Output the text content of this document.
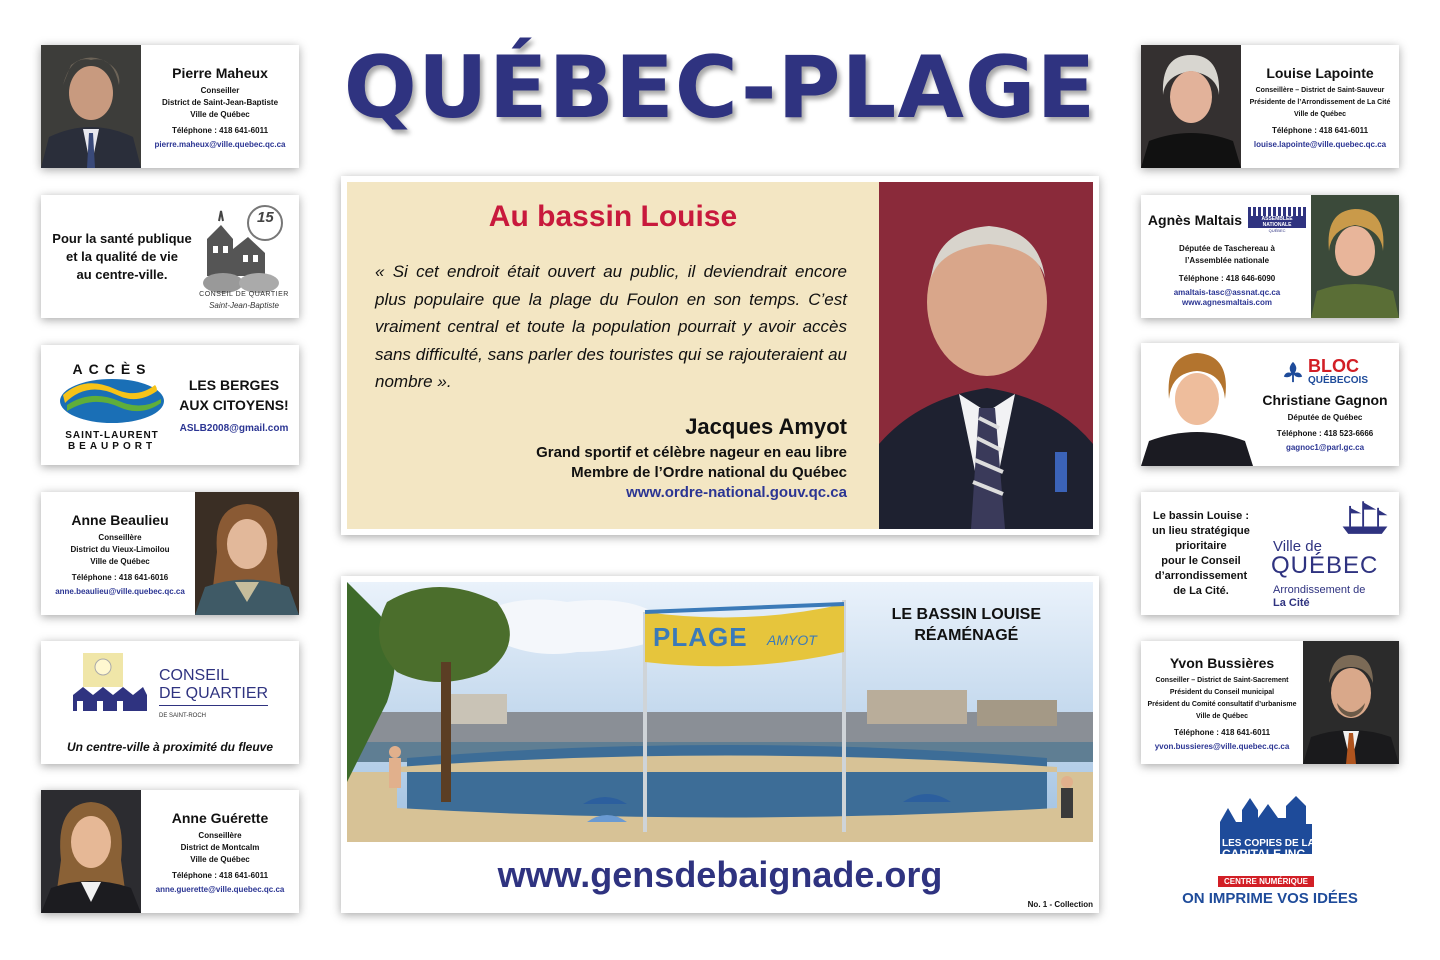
QUÉBEC-PLAGE
Pierre Maheux
Conseiller
District de Saint-Jean-Baptiste
Ville de Québec
Téléphone : 418 641-6011
pierre.maheux@ville.quebec.qc.ca
Pour la santé publique
et la qualité de vie
au centre-ville.
15
CONSEIL DE QUARTIER
Saint-Jean-Baptiste
ACCÈS
SAINT-LAURENT
BEAUPORT
LES BERGES
AUX CITOYENS!
ASLB2008@gmail.com
Anne Beaulieu
Conseillère
District du Vieux-Limoilou
Ville de Québec
Téléphone : 418 641-6016
anne.beaulieu@ville.quebec.qc.ca
CONSEIL
DE QUARTIER
DE SAINT-ROCH
Un centre-ville à proximité du fleuve
Anne Guérette
Conseillère
District de Montcalm
Ville de Québec
Téléphone : 418 641-6011
anne.guerette@ville.quebec.qc.ca
Louise Lapointe
Conseillère – District de Saint-Sauveur
Présidente de l’Arrondissement de La Cité
Ville de Québec
Téléphone : 418 641-6011
louise.lapointe@ville.quebec.qc.ca
Agnès Maltais	ASSEMBLÉE NATIONALE
QUÉBEC
Députée de Taschereau à
l’Assemblée nationale
Téléphone : 418 646-6090
amaltais-tasc@assnat.qc.ca
www.agnesmaltais.com
BLOC
QUÉBECOIS
Christiane Gagnon
Députée de Québec
Téléphone : 418 523-6666
gagnoc1@parl.gc.ca
Le bassin Louise :
un lieu stratégique
prioritaire
pour le Conseil
d’arrondissement
de La Cité.
Ville de
QUÉBEC
Arrondissement de
La Cité
Yvon Bussières
Conseiller – District de Saint-Sacrement
Président du Conseil municipal
Président du Comité consultatif d’urbanisme
Ville de Québec
Téléphone : 418 641-6011
yvon.bussieres@ville.quebec.qc.ca
LES COPIES DE LA
CAPITALE INC.
CENTRE NUMÉRIQUE
ON IMPRIME VOS IDÉES
Au bassin Louise
« Si cet endroit était ouvert au public, il deviendrait encore plus populaire que la plage du Foulon en son temps. C’est vraiment central et toute la population pourrait y avoir accès sans difficulté, sans parler des touristes qui se rajouteraient au nombre ».
Jacques Amyot
Grand sportif et célèbre nageur en eau libre
Membre de l’Ordre national du Québec
www.ordre-national.gouv.qc.ca
PLAGE AMYOT
LE BASSIN LOUISE
RÉAMÉNAGÉ
www.gensdebaignade.org
No. 1 - Collection
